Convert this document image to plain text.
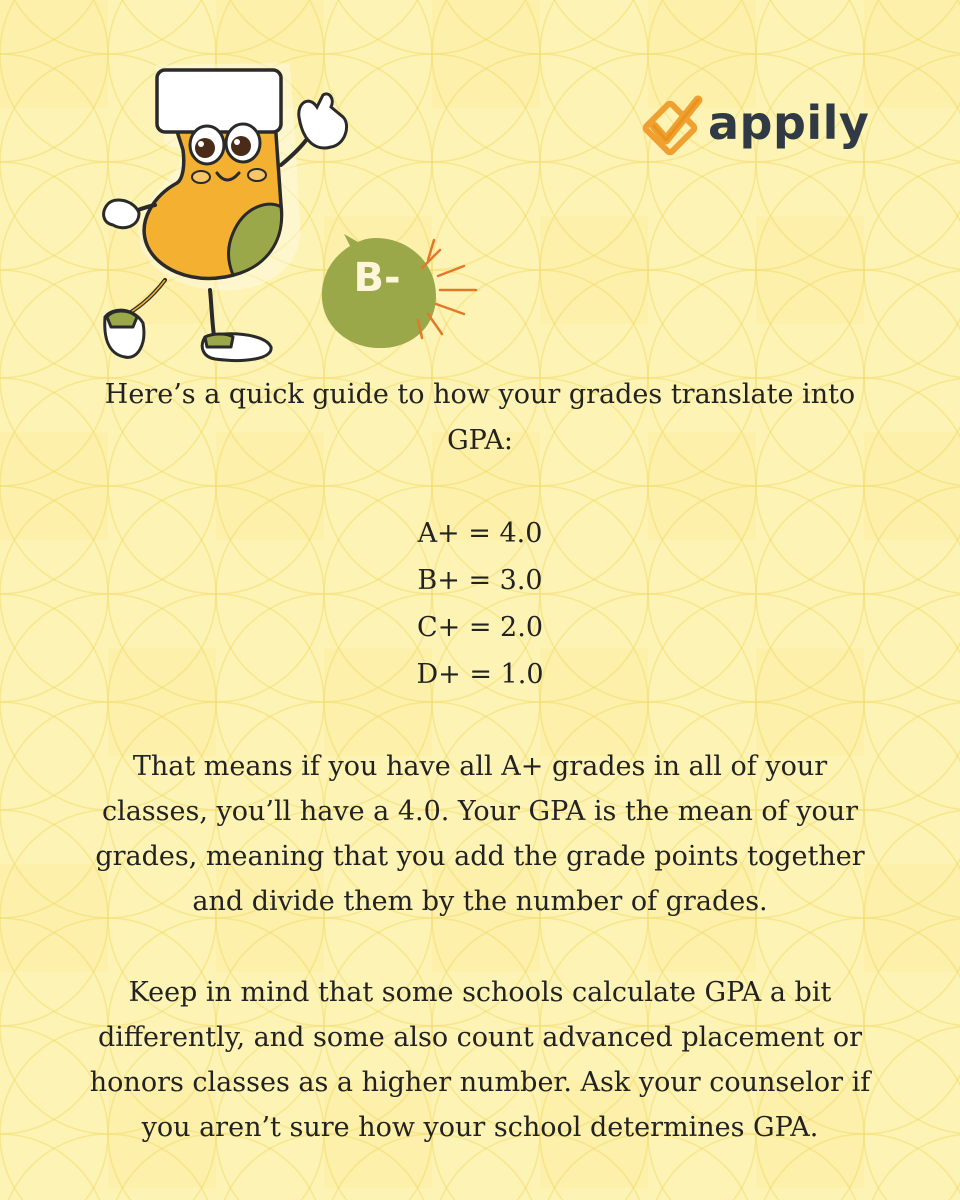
appily
B-

Here’s a quick guide to how your grades translate into GPA:

A+ = 4.0
B+ = 3.0
C+ = 2.0
D+ = 1.0

That means if you have all A+ grades in all of your classes, you’ll have a 4.0. Your GPA is the mean of your grades, meaning that you add the grade points together and divide them by the number of grades.

Keep in mind that some schools calculate GPA a bit differently, and some also count advanced placement or honors classes as a higher number. Ask your counselor if you aren’t sure how your school determines GPA.
